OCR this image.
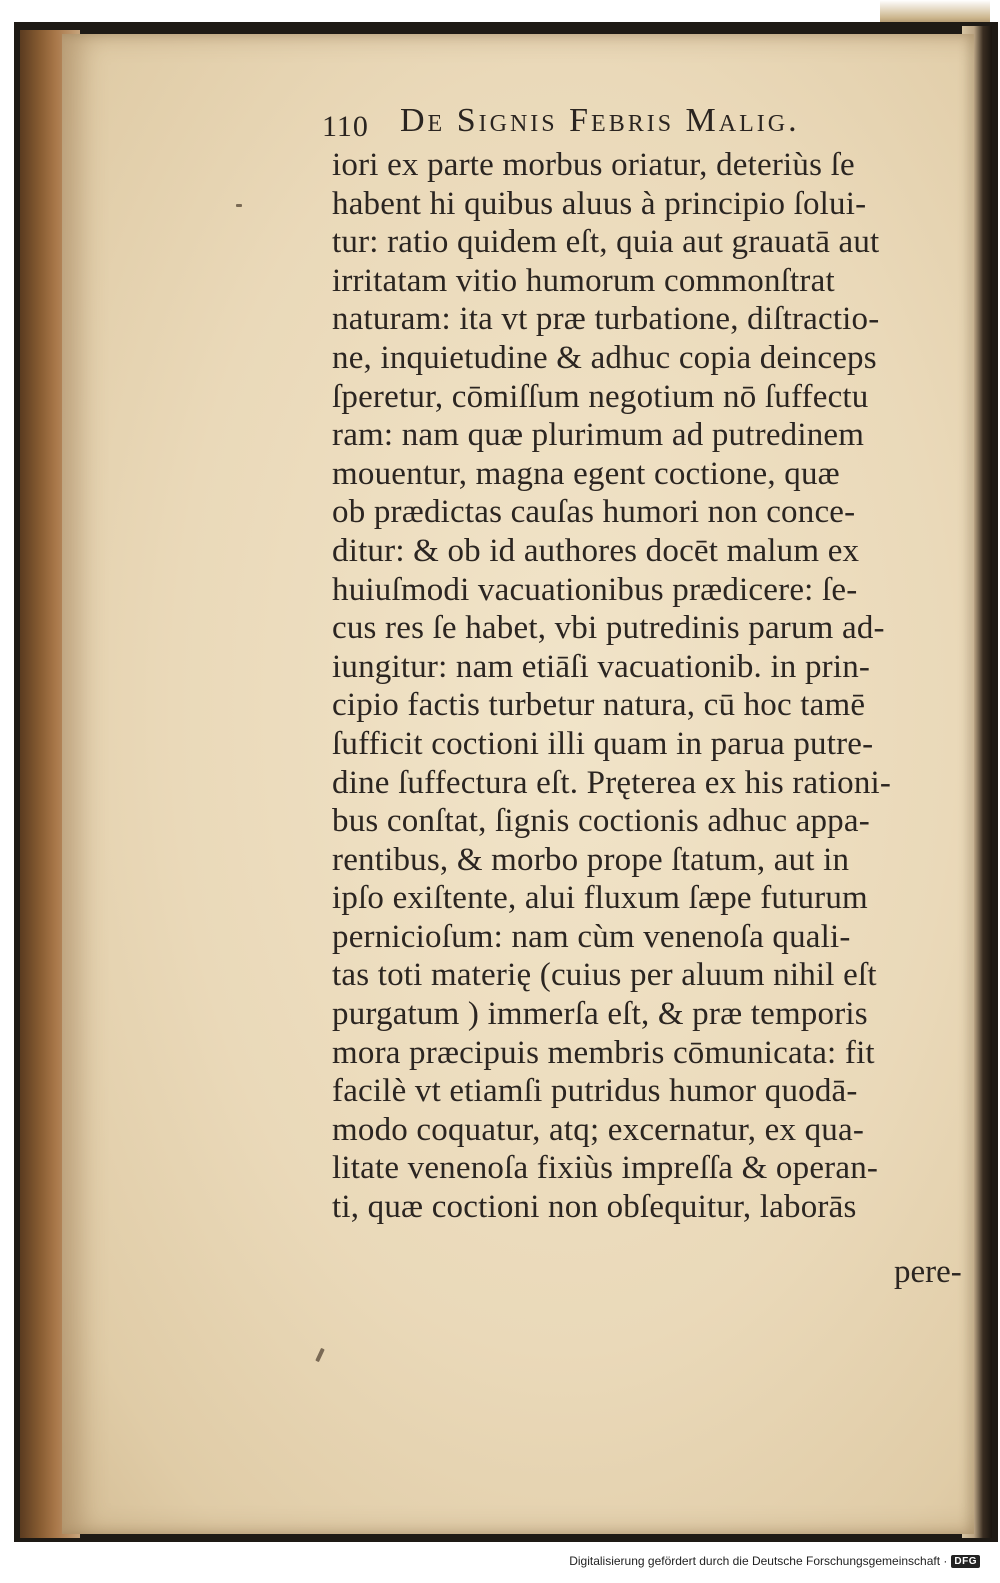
110 De Signis Febris Malig.
iori ex parte morbus oriatur, deteriùs ſe
habent hi quibus aluus à principio ſolui-
tur: ratio quidem eſt, quia aut grauatā aut
irritatam vitio humorum commonſtrat
naturam: ita vt præ turbatione, diſtractio-
ne, inquietudine & adhuc copia deinceps
ſperetur, cōmiſſum negotium nō ſuffectu
ram: nam quæ plurimum ad putredinem
mouentur, magna egent coctione, quæ
ob prædictas cauſas humori non conce-
ditur: & ob id authores docēt malum ex
huiuſmodi vacuationibus prædicere: ſe-
cus res ſe habet, vbi putredinis parum ad-
iungitur: nam etiāſi vacuationib. in prin-
cipio factis turbetur natura, cū hoc tamē
ſufficit coctioni illi quam in parua putre-
dine ſuffectura eſt. Pręterea ex his rationi-
bus conſtat, ſignis coctionis adhuc appa-
rentibus, & morbo prope ſtatum, aut in
ipſo exiſtente, alui fluxum ſæpe futurum
pernicioſum: nam cùm venenoſa quali-
tas toti materię (cuius per aluum nihil eſt
purgatum ) immerſa eſt, & præ temporis
mora præcipuis membris cōmunicata: fit
facilè vt etiamſi putridus humor quodā-
modo coquatur, atq; excernatur, ex qua-
litate venenoſa fixiùs impreſſa & operan-
ti, quæ coctioni non obſequitur, laborās
pere-
Digitalisierung gefördert durch die Deutsche Forschungsgemeinschaft · DFG
